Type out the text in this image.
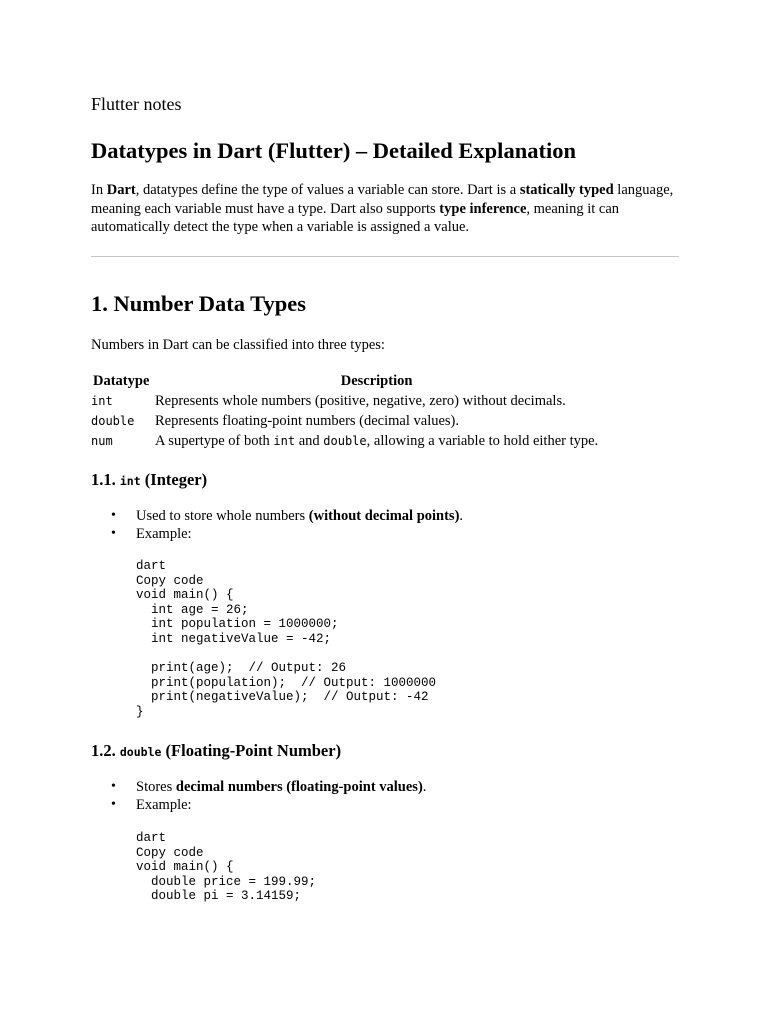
Flutter notes

Datatypes in Dart (Flutter) – Detailed Explanation

In Dart, datatypes define the type of values a variable can store. Dart is a statically typed language, meaning each variable must have a type. Dart also supports type inference, meaning it can automatically detect the type when a variable is assigned a value.

1. Number Data Types

Numbers in Dart can be classified into three types:

Datatype	Description
int	Represents whole numbers (positive, negative, zero) without decimals.
double	Represents floating-point numbers (decimal values).
num	A supertype of both int and double, allowing a variable to hold either type.
1.1. int (Integer)
• Used to store whole numbers (without decimal points).
• Example:
dart
Copy code
void main() {
int age = 26;
int population = 1000000;
int negativeValue = -42;

print(age);  // Output: 26
print(population);  // Output: 1000000
print(negativeValue);  // Output: -42
}
1.2. double (Floating-Point Number)
• Stores decimal numbers (floating-point values).
• Example:
dart
Copy code
void main() {
double price = 199.99;
double pi = 3.14159;
